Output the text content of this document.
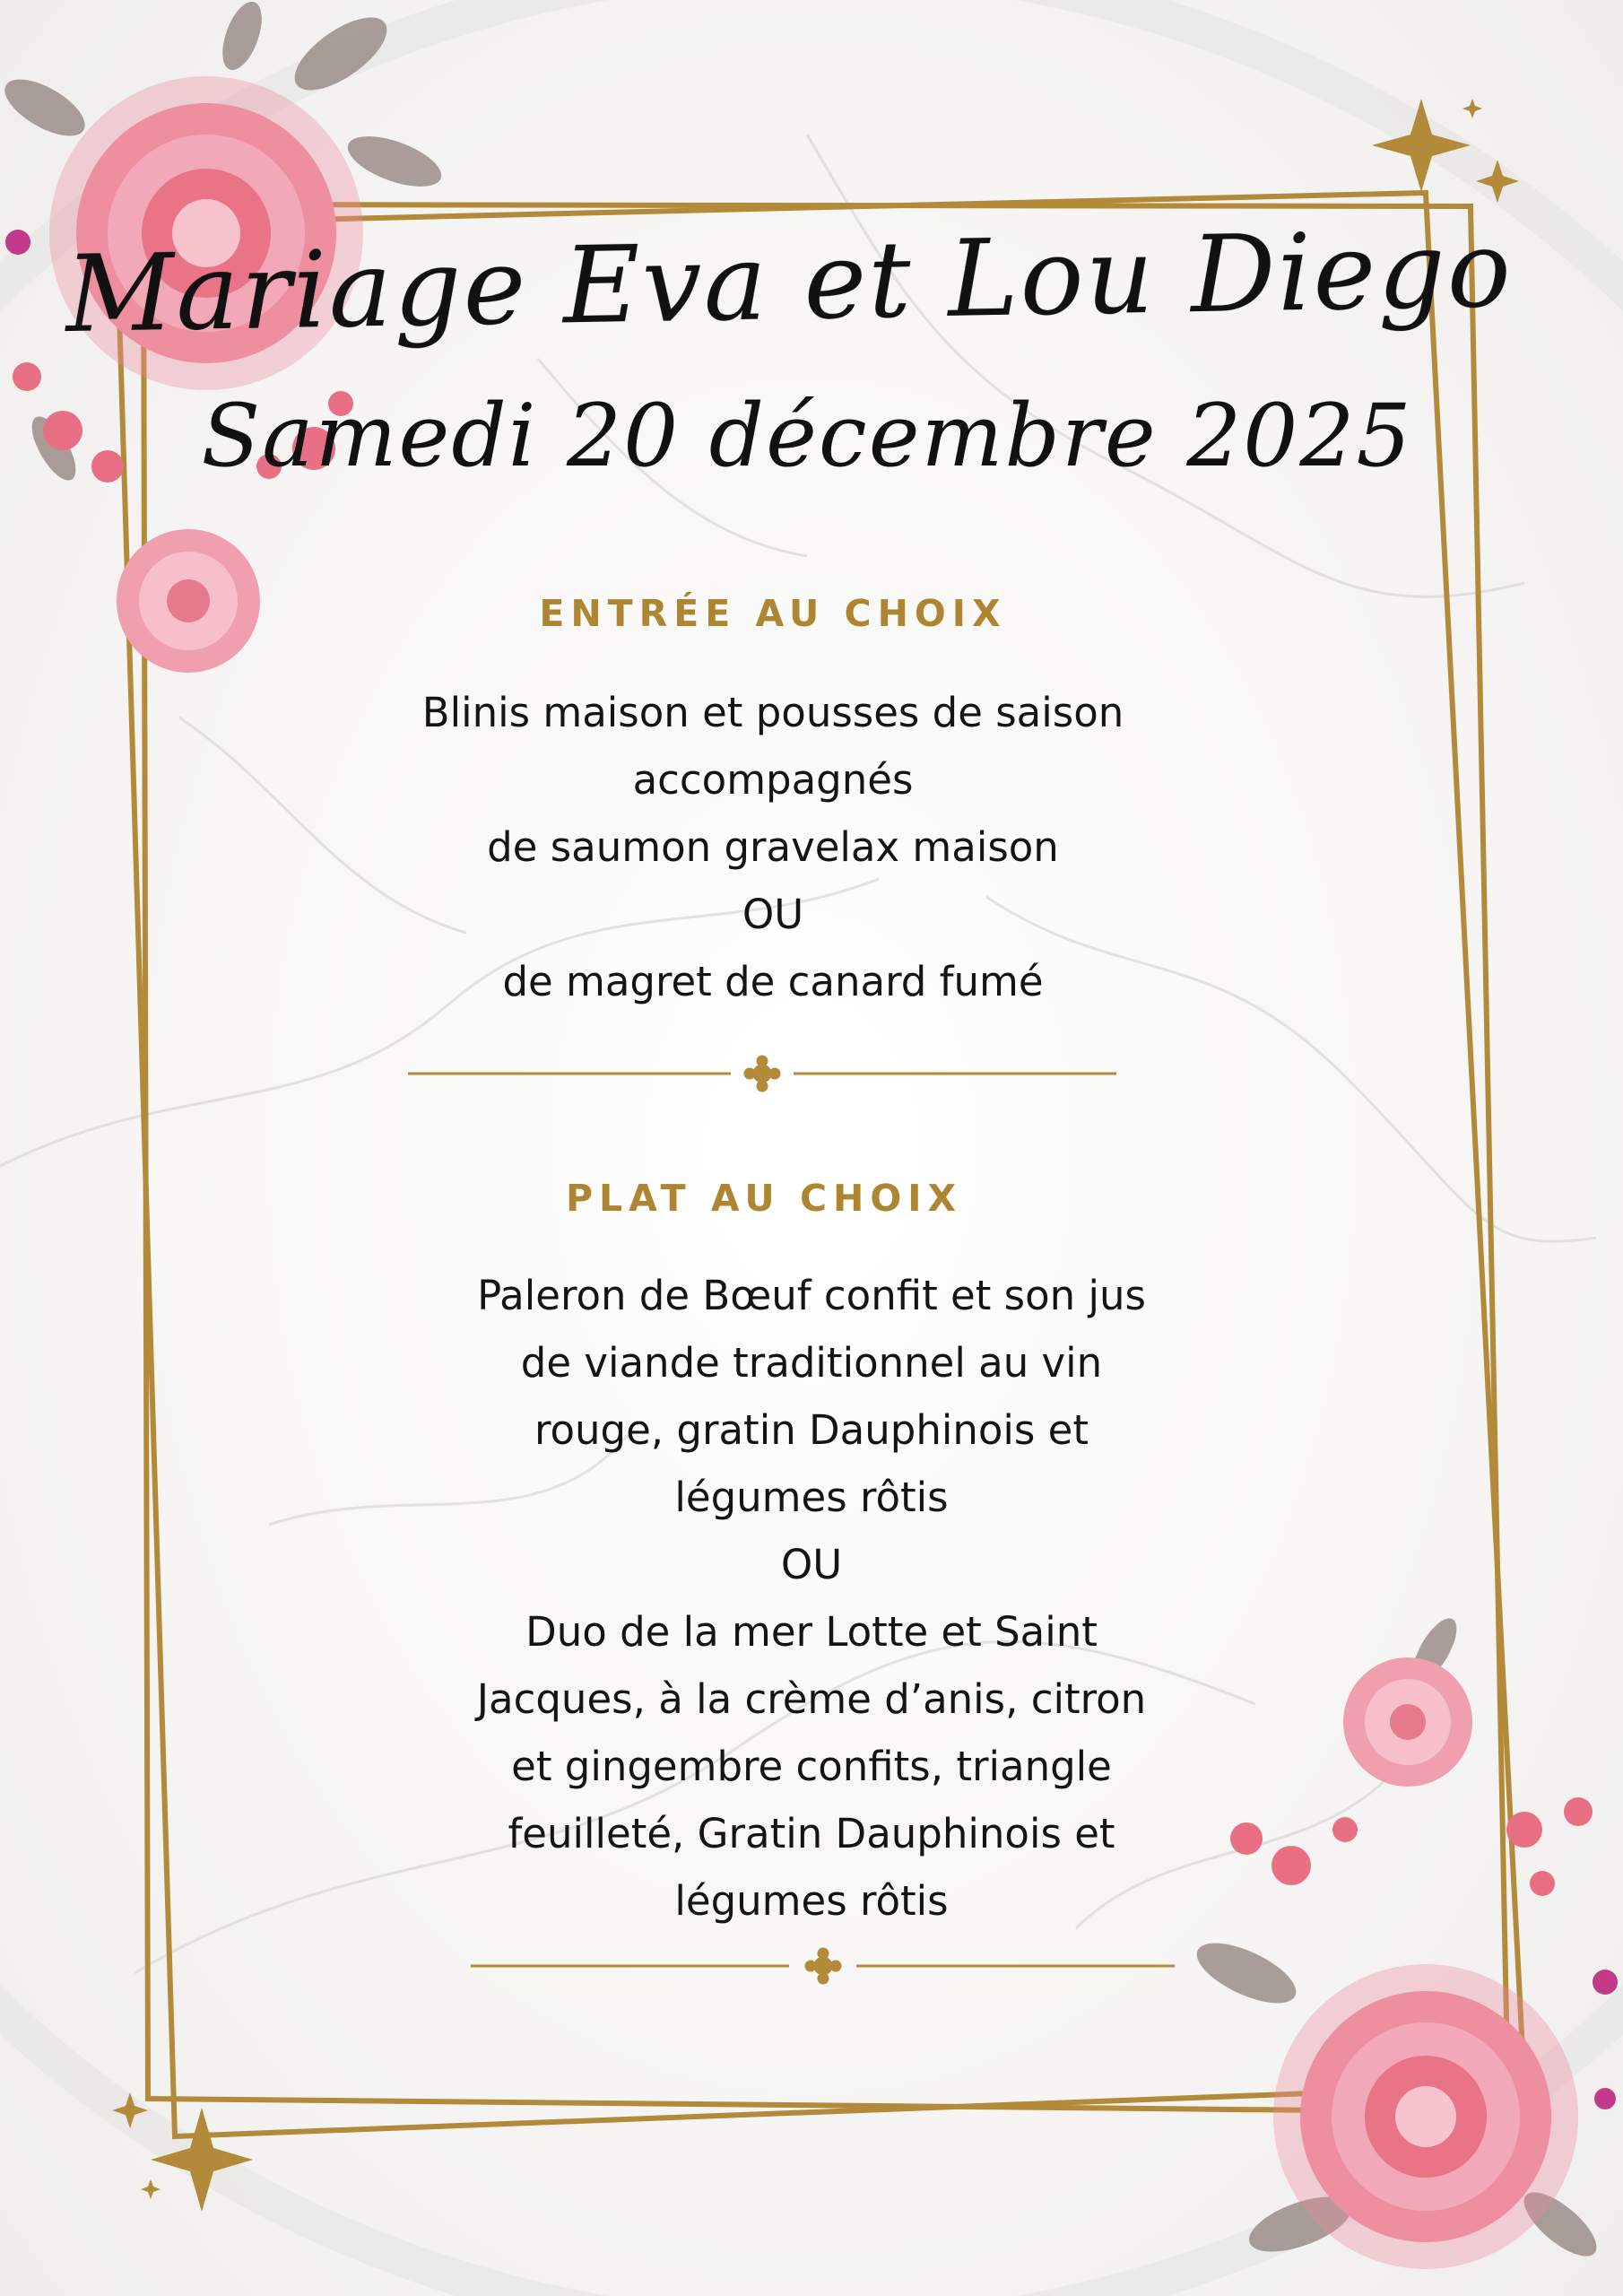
Mariage Eva et Lou Diego
Samedi 20 décembre 2025
ENTRÉE AU CHOIX
Blinis maison et pousses de saison
accompagnés
de saumon gravelax maison
OU
de magret de canard fumé
PLAT AU CHOIX
Paleron de Bœuf confit et son jus
de viande traditionnel au vin
rouge, gratin Dauphinois et
légumes rôtis
OU
Duo de la mer Lotte et Saint
Jacques, à la crème d’anis, citron
et gingembre confits, triangle
feuilleté, Gratin Dauphinois et
légumes rôtis
